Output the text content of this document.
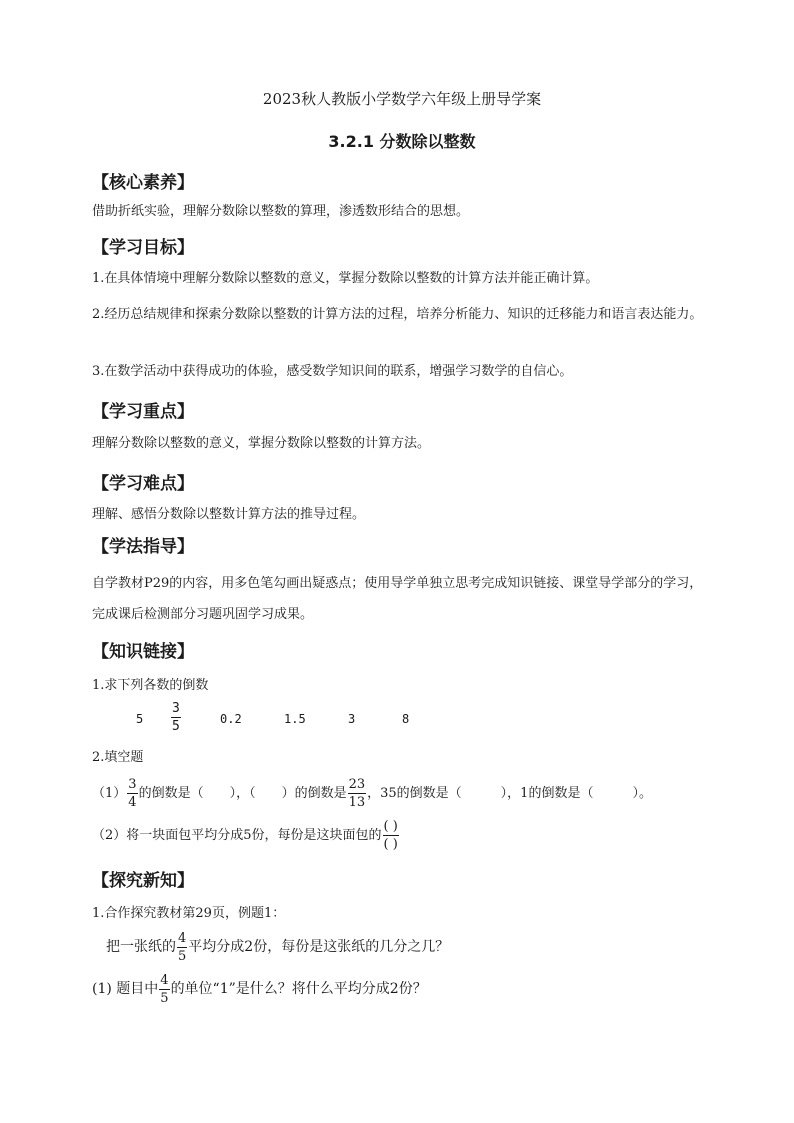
2023秋人教版小学数学六年级上册导学案
3.2.1 分数除以整数
【核心素养】
借助折纸实验，理解分数除以整数的算理，渗透数形结合的思想。
【学习目标】
1.在具体情境中理解分数除以整数的意义，掌握分数除以整数的计算方法并能正确计算。
2.经历总结规律和探索分数除以整数的计算方法的过程，培养分析能力、知识的迁移能力和语言表达能力。
3.在数学活动中获得成功的体验，感受数学知识间的联系，增强学习数学的自信心。
【学习重点】
理解分数除以整数的意义，掌握分数除以整数的计算方法。
【学习难点】
理解、感悟分数除以整数计算方法的推导过程。
【学法指导】
自学教材P29的内容，用多色笔勾画出疑惑点；使用导学单独立思考完成知识链接、课堂导学部分的学习，完成课后检测部分习题巩固学习成果。
【知识链接】
1.求下列各数的倒数
$5 \frac{3}{5}$	0.2	1.5	3	8
2.填空题
$(1) \frac{3}{4}$ 的倒数是（　　），（　　）的倒数是 $\frac{23}{13}$ ，35的倒数是（　　　），1的倒数是（　　　）。
（2）将一块面包平均分成5份，每份是这块面包的 $\frac{( )}{( )}$
【探究新知】
1.合作探究教材第29页，例题1：
把一张纸的 $\frac{4}{5}$ 平均分成2份，每份是这张纸的几分之几？
(1) 题目中 $\frac{4}{5}$ 的单位“1”是什么？将什么平均分成2份？
